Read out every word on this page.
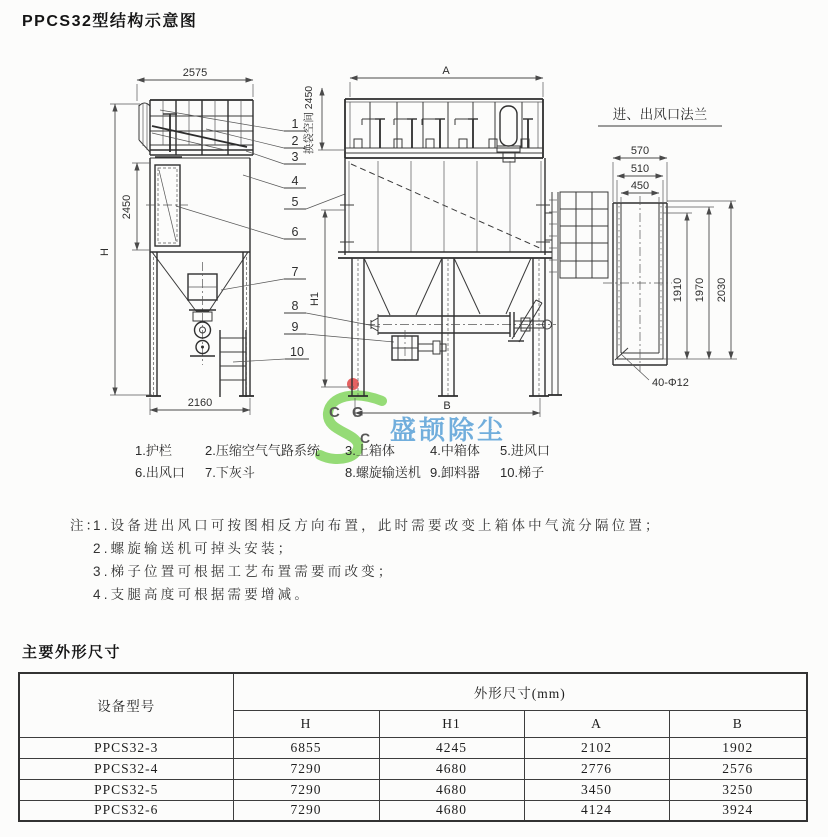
PPCS32型结构示意图
C C
C
2575
H
2450
2160
1
2
3
4
5
6
7
8
9
10
A
换袋空间 2450
H1
B
进、出风口法兰
570
510
450
40-Φ12
1910 1970 2030
盛颉除尘
1.护栏	2.压缩空气气路系统 3.上箱体	4.中箱体 5.进风口
6.出风口 7.下灰斗	8.螺旋输送机 9.卸料器 10.梯子
注：
1.设备进出风口可按图相反方向布置，此时需要改变上箱体中气流分隔位置；
2.螺旋输送机可掉头安装；
3.梯子位置可根据工艺布置需要而改变；
4.支腿高度可根据需要增减。
主要外形尺寸
设备型号	外形尺寸(mm)			
	H	H1	A	B
PPCS32-3	6855	4245	2102	1902
PPCS32-4	7290	4680	2776	2576
PPCS32-5	7290	4680	3450	3250
PPCS32-6	7290	4680	4124	3924
